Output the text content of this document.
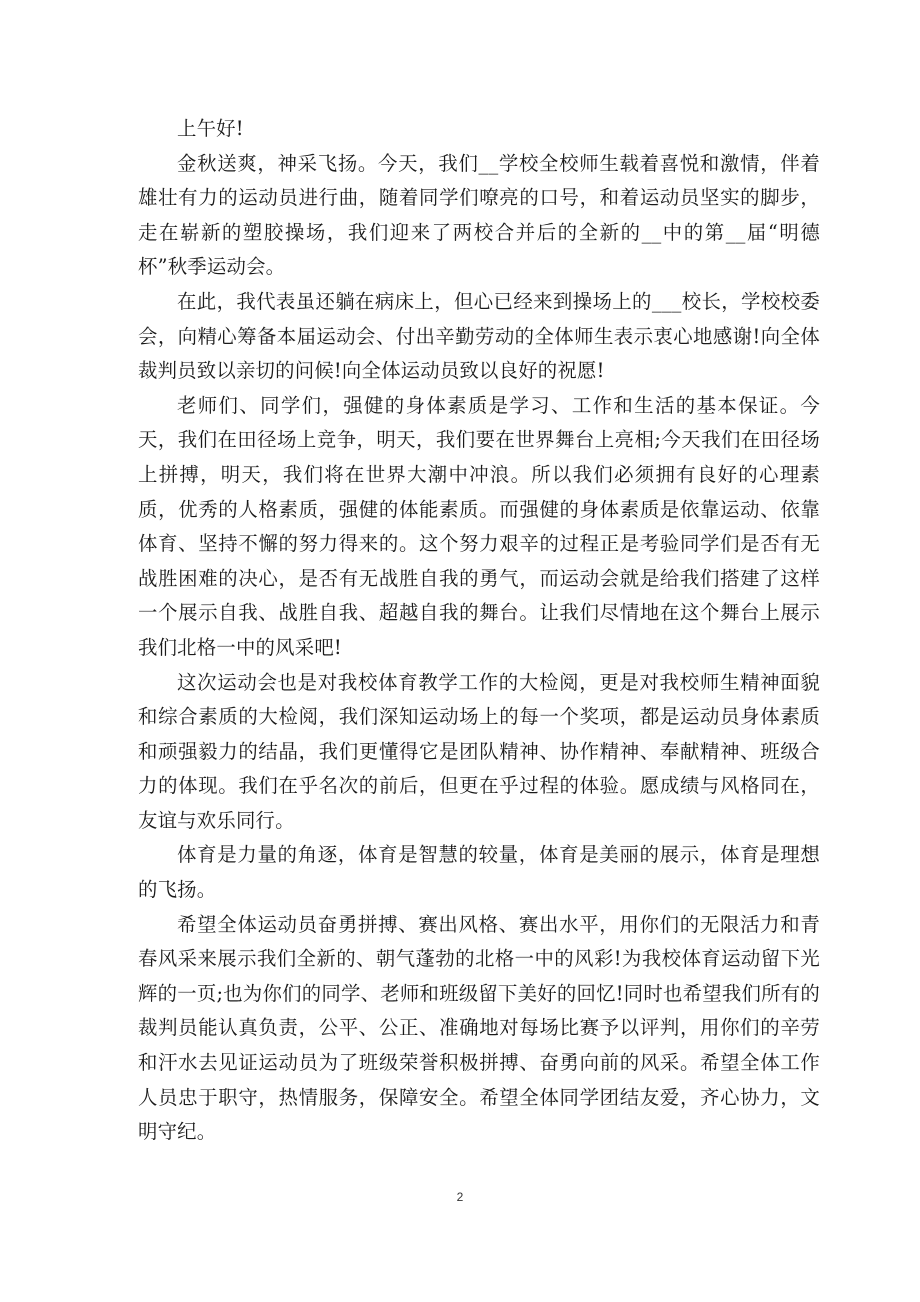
上午好!

金秋送爽，神采飞扬。今天，我们__学校全校师生载着喜悦和激情，伴着雄壮有力的运动员进行曲，随着同学们嘹亮的口号，和着运动员坚实的脚步，走在崭新的塑胶操场，我们迎来了两校合并后的全新的__中的第__届“明德杯”秋季运动会。

在此，我代表虽还躺在病床上，但心已经来到操场上的___校长，学校校委会，向精心筹备本届运动会、付出辛勤劳动的全体师生表示衷心地感谢!向全体裁判员致以亲切的问候!向全体运动员致以良好的祝愿!

老师们、同学们，强健的身体素质是学习、工作和生活的基本保证。今天，我们在田径场上竞争，明天，我们要在世界舞台上亮相;今天我们在田径场上拼搏，明天，我们将在世界大潮中冲浪。所以我们必须拥有良好的心理素质，优秀的人格素质，强健的体能素质。而强健的身体素质是依靠运动、依靠体育、坚持不懈的努力得来的。这个努力艰辛的过程正是考验同学们是否有无战胜困难的决心，是否有无战胜自我的勇气，而运动会就是给我们搭建了这样一个展示自我、战胜自我、超越自我的舞台。让我们尽情地在这个舞台上展示我们北格一中的风采吧!

这次运动会也是对我校体育教学工作的大检阅，更是对我校师生精神面貌和综合素质的大检阅，我们深知运动场上的每一个奖项，都是运动员身体素质和顽强毅力的结晶，我们更懂得它是团队精神、协作精神、奉献精神、班级合力的体现。我们在乎名次的前后，但更在乎过程的体验。愿成绩与风格同在，友谊与欢乐同行。

体育是力量的角逐，体育是智慧的较量，体育是美丽的展示，体育是理想的飞扬。

希望全体运动员奋勇拼搏、赛出风格、赛出水平，用你们的无限活力和青春风采来展示我们全新的、朝气蓬勃的北格一中的风彩!为我校体育运动留下光辉的一页;也为你们的同学、老师和班级留下美好的回忆!同时也希望我们所有的裁判员能认真负责，公平、公正、准确地对每场比赛予以评判，用你们的辛劳和汗水去见证运动员为了班级荣誉积极拼搏、奋勇向前的风采。希望全体工作人员忠于职守，热情服务，保障安全。希望全体同学团结友爱，齐心协力，文明守纪。

2
